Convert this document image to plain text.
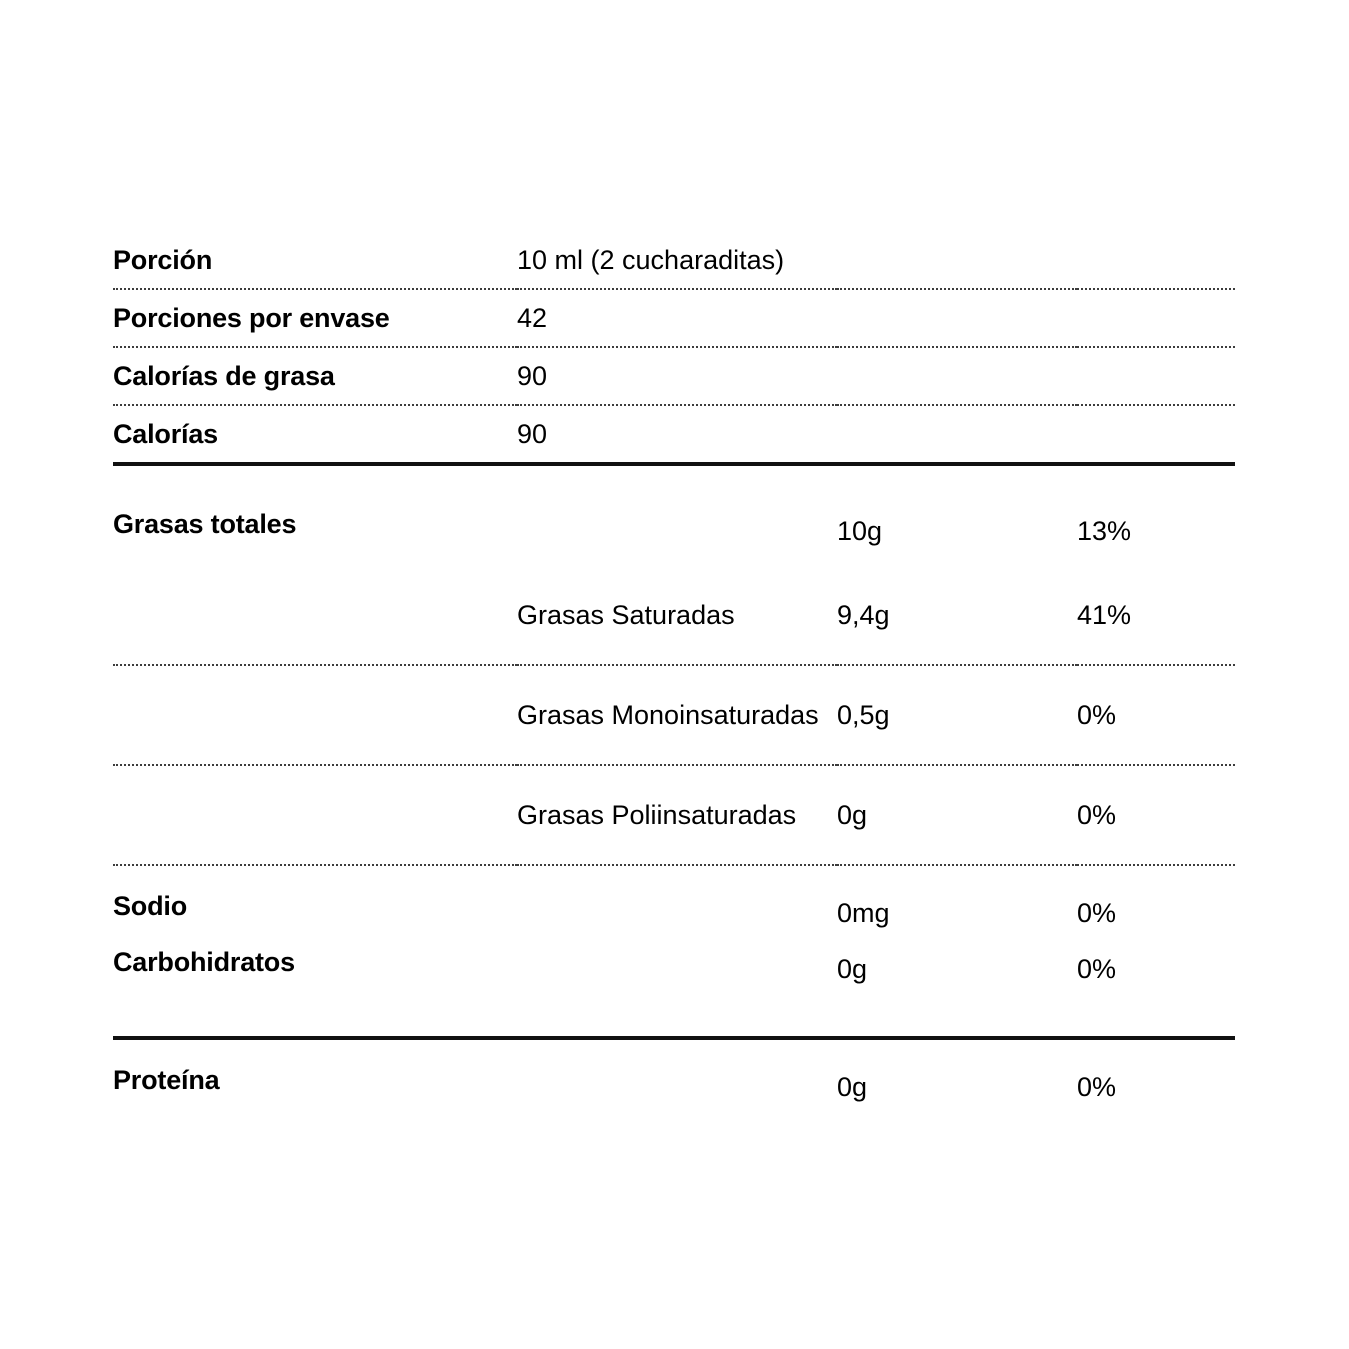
Porción	10 ml (2 cucharaditas)		
Porciones por envase	42		
Calorías de grasa	90		
Calorías	90		

Grasas totales		10g	13%

	Grasas Saturadas	9,4g	41%
	Grasas Monoinsaturadas	0,5g	0%
	Grasas Poliinsaturadas	0g	0%

Sodio		0mg	0%
Carbohidratos		0g	0%

Proteína		0g	0%
